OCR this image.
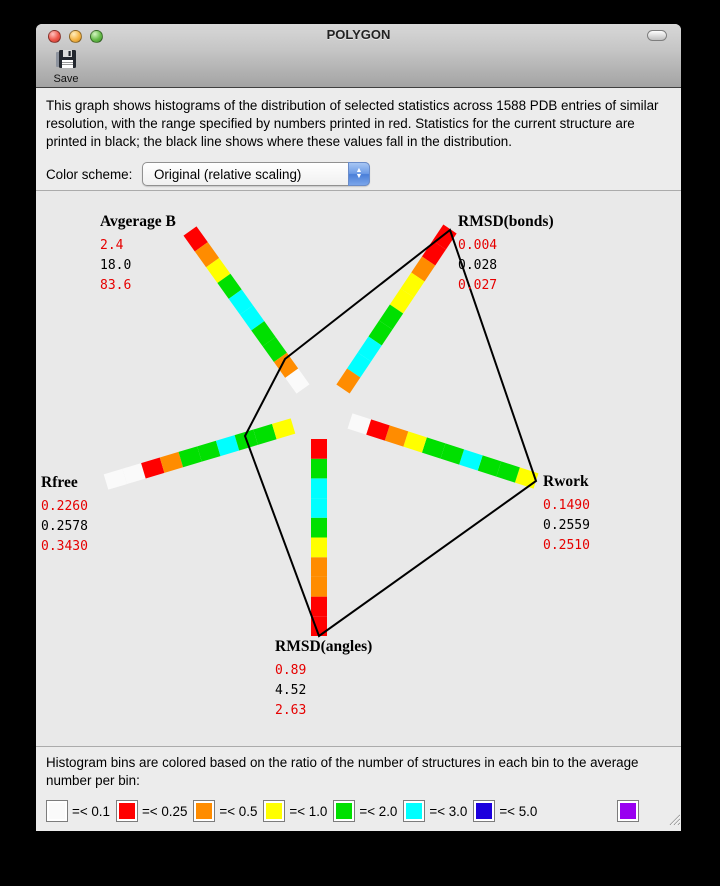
POLYGON
Save
This graph shows histograms of the distribution of selected statistics across 1588 PDB entries of similar resolution, with the range specified by numbers printed in red. Statistics for the current structure are printed in black; the black line shows where these values fall in the distribution.
Color scheme:	Original (relative scaling)	▲
▼
Avgerage B
2.4
18.0
83.6
RMSD(bonds)
0.004
0.028
0.027
Rwork
0.1490
0.2559
0.2510
RMSD(angles)
0.89
4.52
2.63
Rfree
0.2260
0.2578
0.3430
Histogram bins are colored based on the ratio of the number of structures in each bin to the average number per bin:
=< 0.1 =< 0.25 =< 0.5 =< 1.0 =< 2.0 =< 3.0 =< 5.0
